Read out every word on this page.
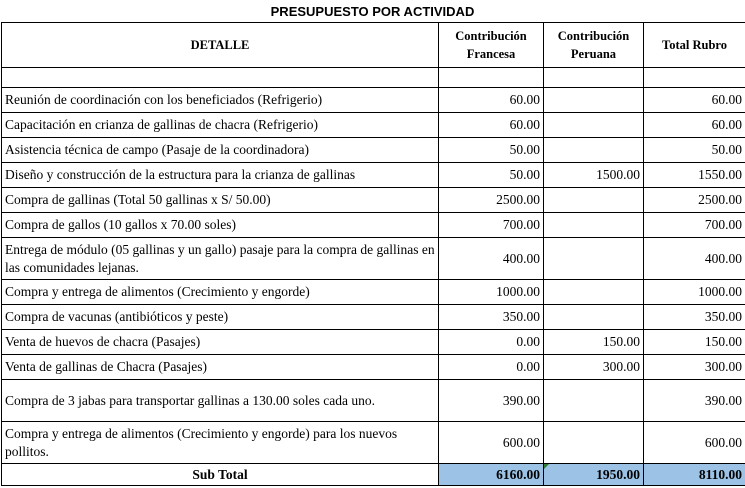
PRESUPUESTO POR ACTIVIDAD
DETALLE	Contribución Francesa	Contribución Peruana	Total Rubro

Reunión de coordinación con los beneficiados (Refrigerio)	60.00		60.00
Capacitación en crianza de gallinas de chacra (Refrigerio)	60.00		60.00
Asistencia técnica de campo (Pasaje de la coordinadora)	50.00		50.00
Diseño y construcción de la estructura para la crianza de gallinas	50.00	1500.00	1550.00
Compra de gallinas (Total 50 gallinas x S/ 50.00)	2500.00		2500.00
Compra de gallos (10 gallos x 70.00 soles)	700.00		700.00
Entrega de módulo (05 gallinas y un gallo) pasaje para la compra de gallinas en las comunidades lejanas.	400.00		400.00
Compra y entrega de alimentos (Crecimiento y engorde)	1000.00		1000.00
Compra de vacunas (antibióticos y peste)	350.00		350.00
Venta de huevos de chacra (Pasajes)	0.00	150.00	150.00
Venta de gallinas de Chacra (Pasajes)	0.00	300.00	300.00
Compra de 3 jabas para transportar gallinas a 130.00 soles cada uno.	390.00		390.00
Compra y entrega de alimentos (Crecimiento y engorde) para los nuevos pollitos.	600.00		600.00
Sub Total	6160.00	1950.00	8110.00
